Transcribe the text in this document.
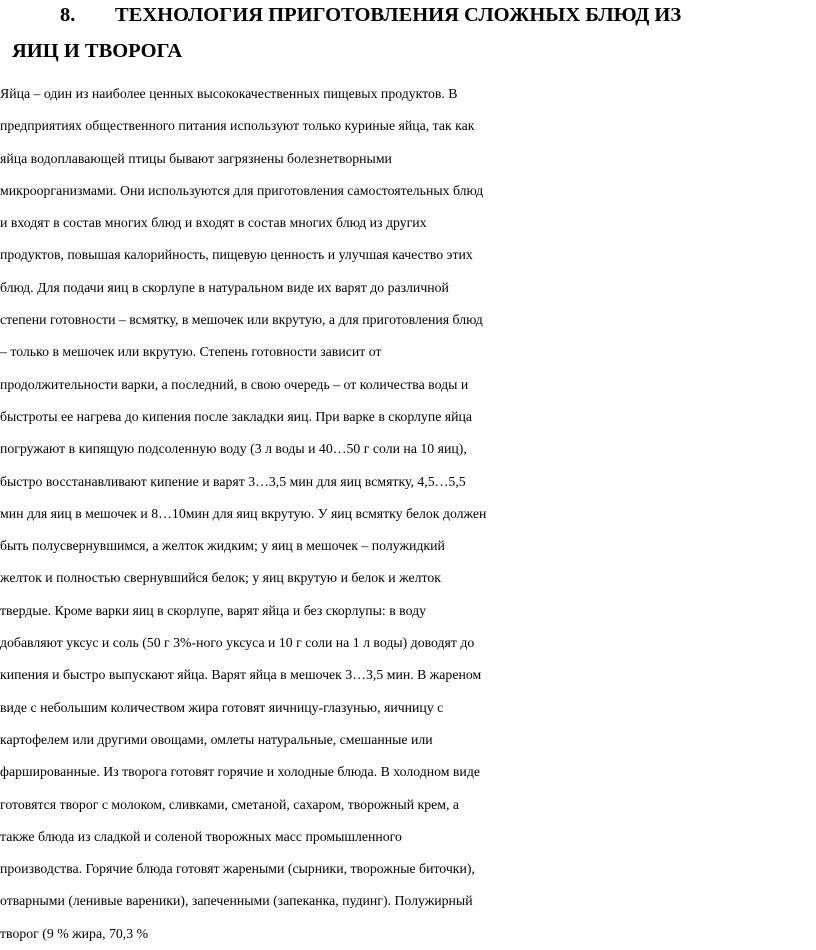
8. ТЕХНОЛОГИЯ ПРИГОТОВЛЕНИЯ СЛОЖНЫХ БЛЮД ИЗ
ЯИЦ И ТВОРОГА
Яйца – один из наиболее ценных высококачественных пищевых продуктов. В
предприятиях общественного питания используют только куриные яйца, так как
яйца водоплавающей птицы бывают загрязнены болезнетворными
микроорганизмами. Они используются для приготовления самостоятельных блюд
и входят в состав многих блюд и входят в состав многих блюд из других
продуктов, повышая калорийность, пищевую ценность и улучшая качество этих
блюд. Для подачи яиц в скорлупе в натуральном виде их варят до различной
степени готовности – всмятку, в мешочек или вкрутую, а для приготовления блюд
– только в мешочек или вкрутую. Степень готовности зависит от
продолжительности варки, а последний, в свою очередь – от количества воды и
быстроты ее нагрева до кипения после закладки яиц. При варке в скорлупе яйца
погружают в кипящую подсоленную воду (3 л воды и 40…50 г соли на 10 яиц),
быстро восстанавливают кипение и варят 3…3,5 мин для яиц всмятку, 4,5…5,5
мин для яиц в мешочек и 8…10мин для яиц вкрутую. У яиц всмятку белок должен
быть полусвернувшимся, а желток жидким; у яиц в мешочек – полужидкий
желток и полностью свернувшийся белок; у яиц вкрутую и белок и желток
твердые. Кроме варки яиц в скорлупе, варят яйца и без скорлупы: в воду
добавляют уксус и соль (50 г 3%-ного уксуса и 10 г соли на 1 л воды) доводят до
кипения и быстро выпускают яйца. Варят яйца в мешочек 3…3,5 мин. В жареном
виде с небольшим количеством жира готовят яичницу-глазунью, яичницу с
картофелем или другими овощами, омлеты натуральные, смешанные или
фаршированные. Из творога готовят горячие и холодные блюда. В холодном виде
готовятся творог с молоком, сливками, сметаной, сахаром, творожный крем, а
также блюда из сладкой и соленой творожных масс промышленного
производства. Горячие блюда готовят жареными (сырники, творожные биточки),
отварными (ленивые вареники), запеченными (запеканка, пудинг). Полужирный
творог (9 % жира, 70,3 %
